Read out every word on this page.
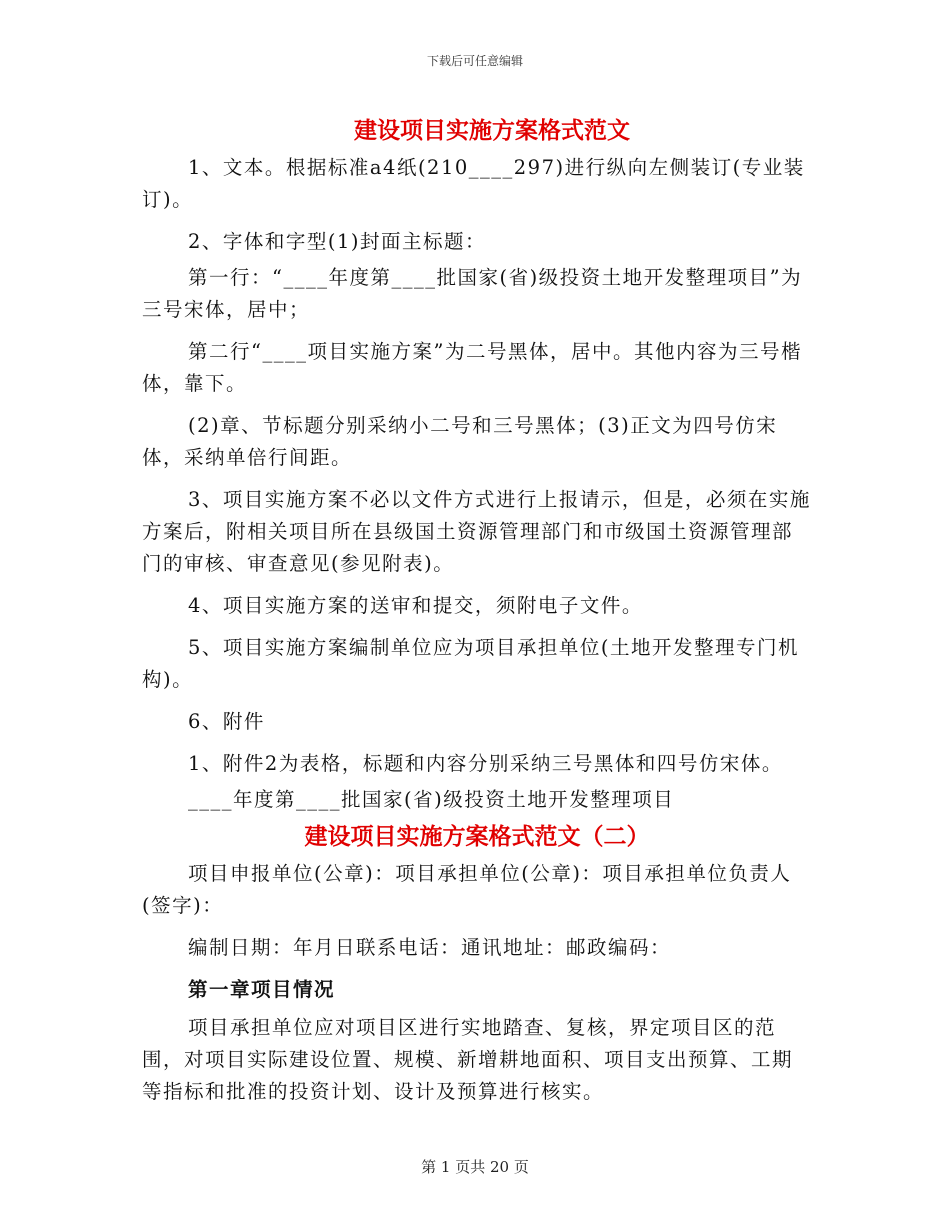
下载后可任意编辑
建设项目实施方案格式范文

1、文本。根据标准a4纸(210____297)进行纵向左侧装订(专业装订)。

2、字体和字型(1)封面主标题：

第一行：“____年度第____批国家(省)级投资土地开发整理项目”为三号宋体，居中；

第二行“____项目实施方案”为二号黑体，居中。其他内容为三号楷体，靠下。

(2)章、节标题分别采纳小二号和三号黑体；(3)正文为四号仿宋体，采纳单倍行间距。

3、项目实施方案不必以文件方式进行上报请示，但是，必须在实施方案后，附相关项目所在县级国土资源管理部门和市级国土资源管理部门的审核、审查意见(参见附表)。

4、项目实施方案的送审和提交，须附电子文件。

5、项目实施方案编制单位应为项目承担单位(土地开发整理专门机构)。

6、附件

1、附件2为表格，标题和内容分别采纳三号黑体和四号仿宋体。

____年度第____批国家(省)级投资土地开发整理项目

建设项目实施方案格式范文（二）

项目申报单位(公章)：项目承担单位(公章)：项目承担单位负责人(签字)：

编制日期：年月日联系电话：通讯地址：邮政编码：

第一章项目情况

项目承担单位应对项目区进行实地踏查、复核，界定项目区的范围，对项目实际建设位置、规模、新增耕地面积、项目支出预算、工期等指标和批准的投资计划、设计及预算进行核实。

第 1 页共 20 页
